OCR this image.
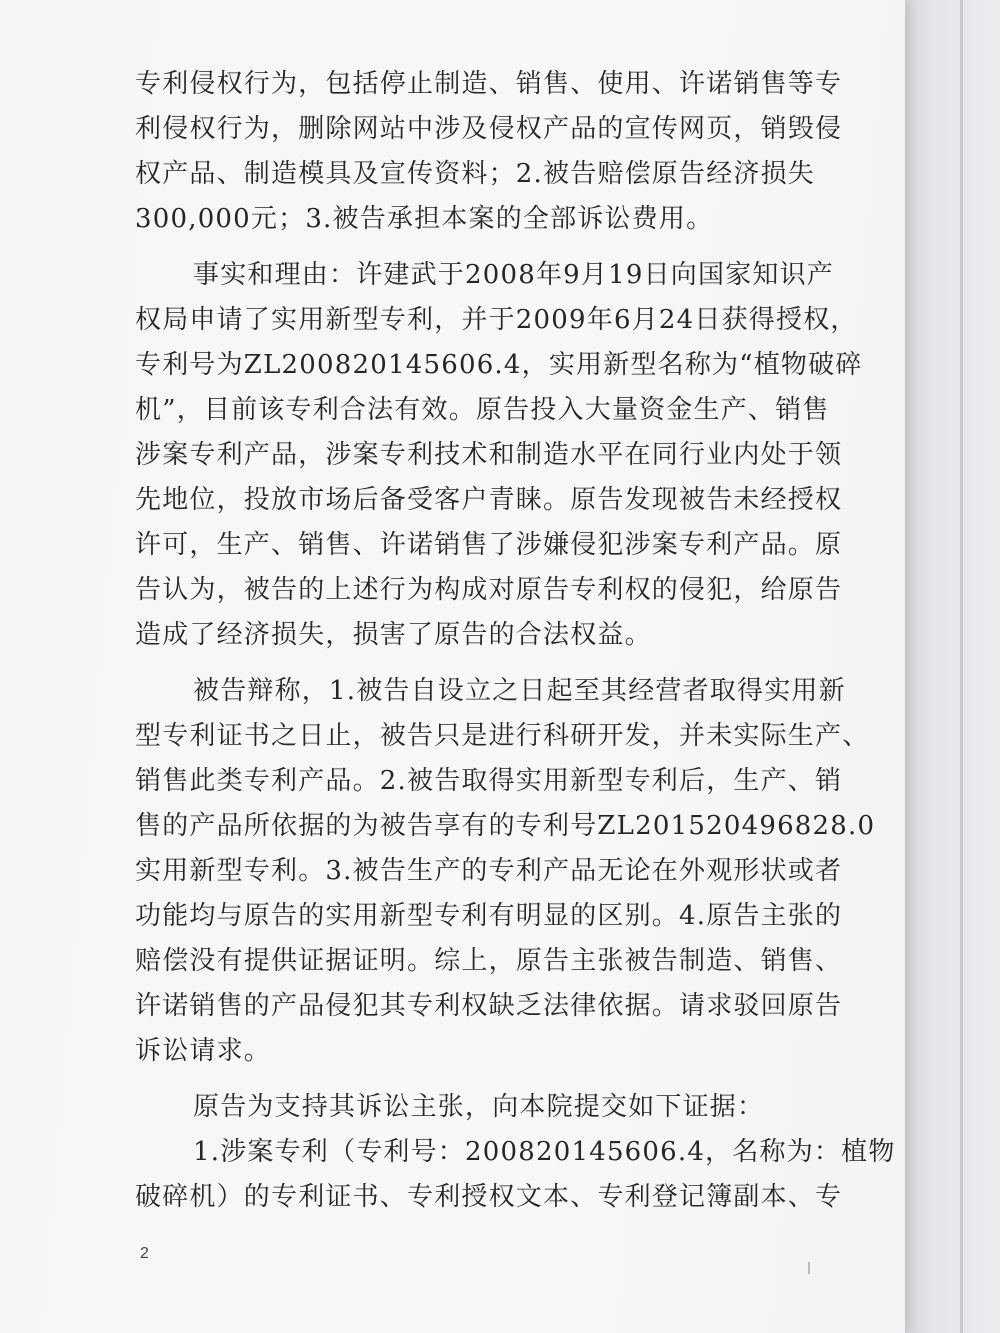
专利侵权行为，包括停止制造、销售、使用、许诺销售等专
利侵权行为，删除网站中涉及侵权产品的宣传网页，销毁侵
权产品、制造模具及宣传资料；2.被告赔偿原告经济损失
300,000元；3.被告承担本案的全部诉讼费用。
事实和理由：许建武于2008年9月19日向国家知识产
权局申请了实用新型专利，并于2009年6月24日获得授权，
专利号为ZL200820145606.4，实用新型名称为“植物破碎
机”，目前该专利合法有效。原告投入大量资金生产、销售
涉案专利产品，涉案专利技术和制造水平在同行业内处于领
先地位，投放市场后备受客户青睐。原告发现被告未经授权
许可，生产、销售、许诺销售了涉嫌侵犯涉案专利产品。原
告认为，被告的上述行为构成对原告专利权的侵犯，给原告
造成了经济损失，损害了原告的合法权益。
被告辩称，1.被告自设立之日起至其经营者取得实用新
型专利证书之日止，被告只是进行科研开发，并未实际生产、
销售此类专利产品。2.被告取得实用新型专利后，生产、销
售的产品所依据的为被告享有的专利号ZL201520496828.0
实用新型专利。3.被告生产的专利产品无论在外观形状或者
功能均与原告的实用新型专利有明显的区别。4.原告主张的
赔偿没有提供证据证明。综上，原告主张被告制造、销售、
许诺销售的产品侵犯其专利权缺乏法律依据。请求驳回原告
诉讼请求。
原告为支持其诉讼主张，向本院提交如下证据：
1.涉案专利（专利号：200820145606.4，名称为：植物
破碎机）的专利证书、专利授权文本、专利登记簿副本、专
2
